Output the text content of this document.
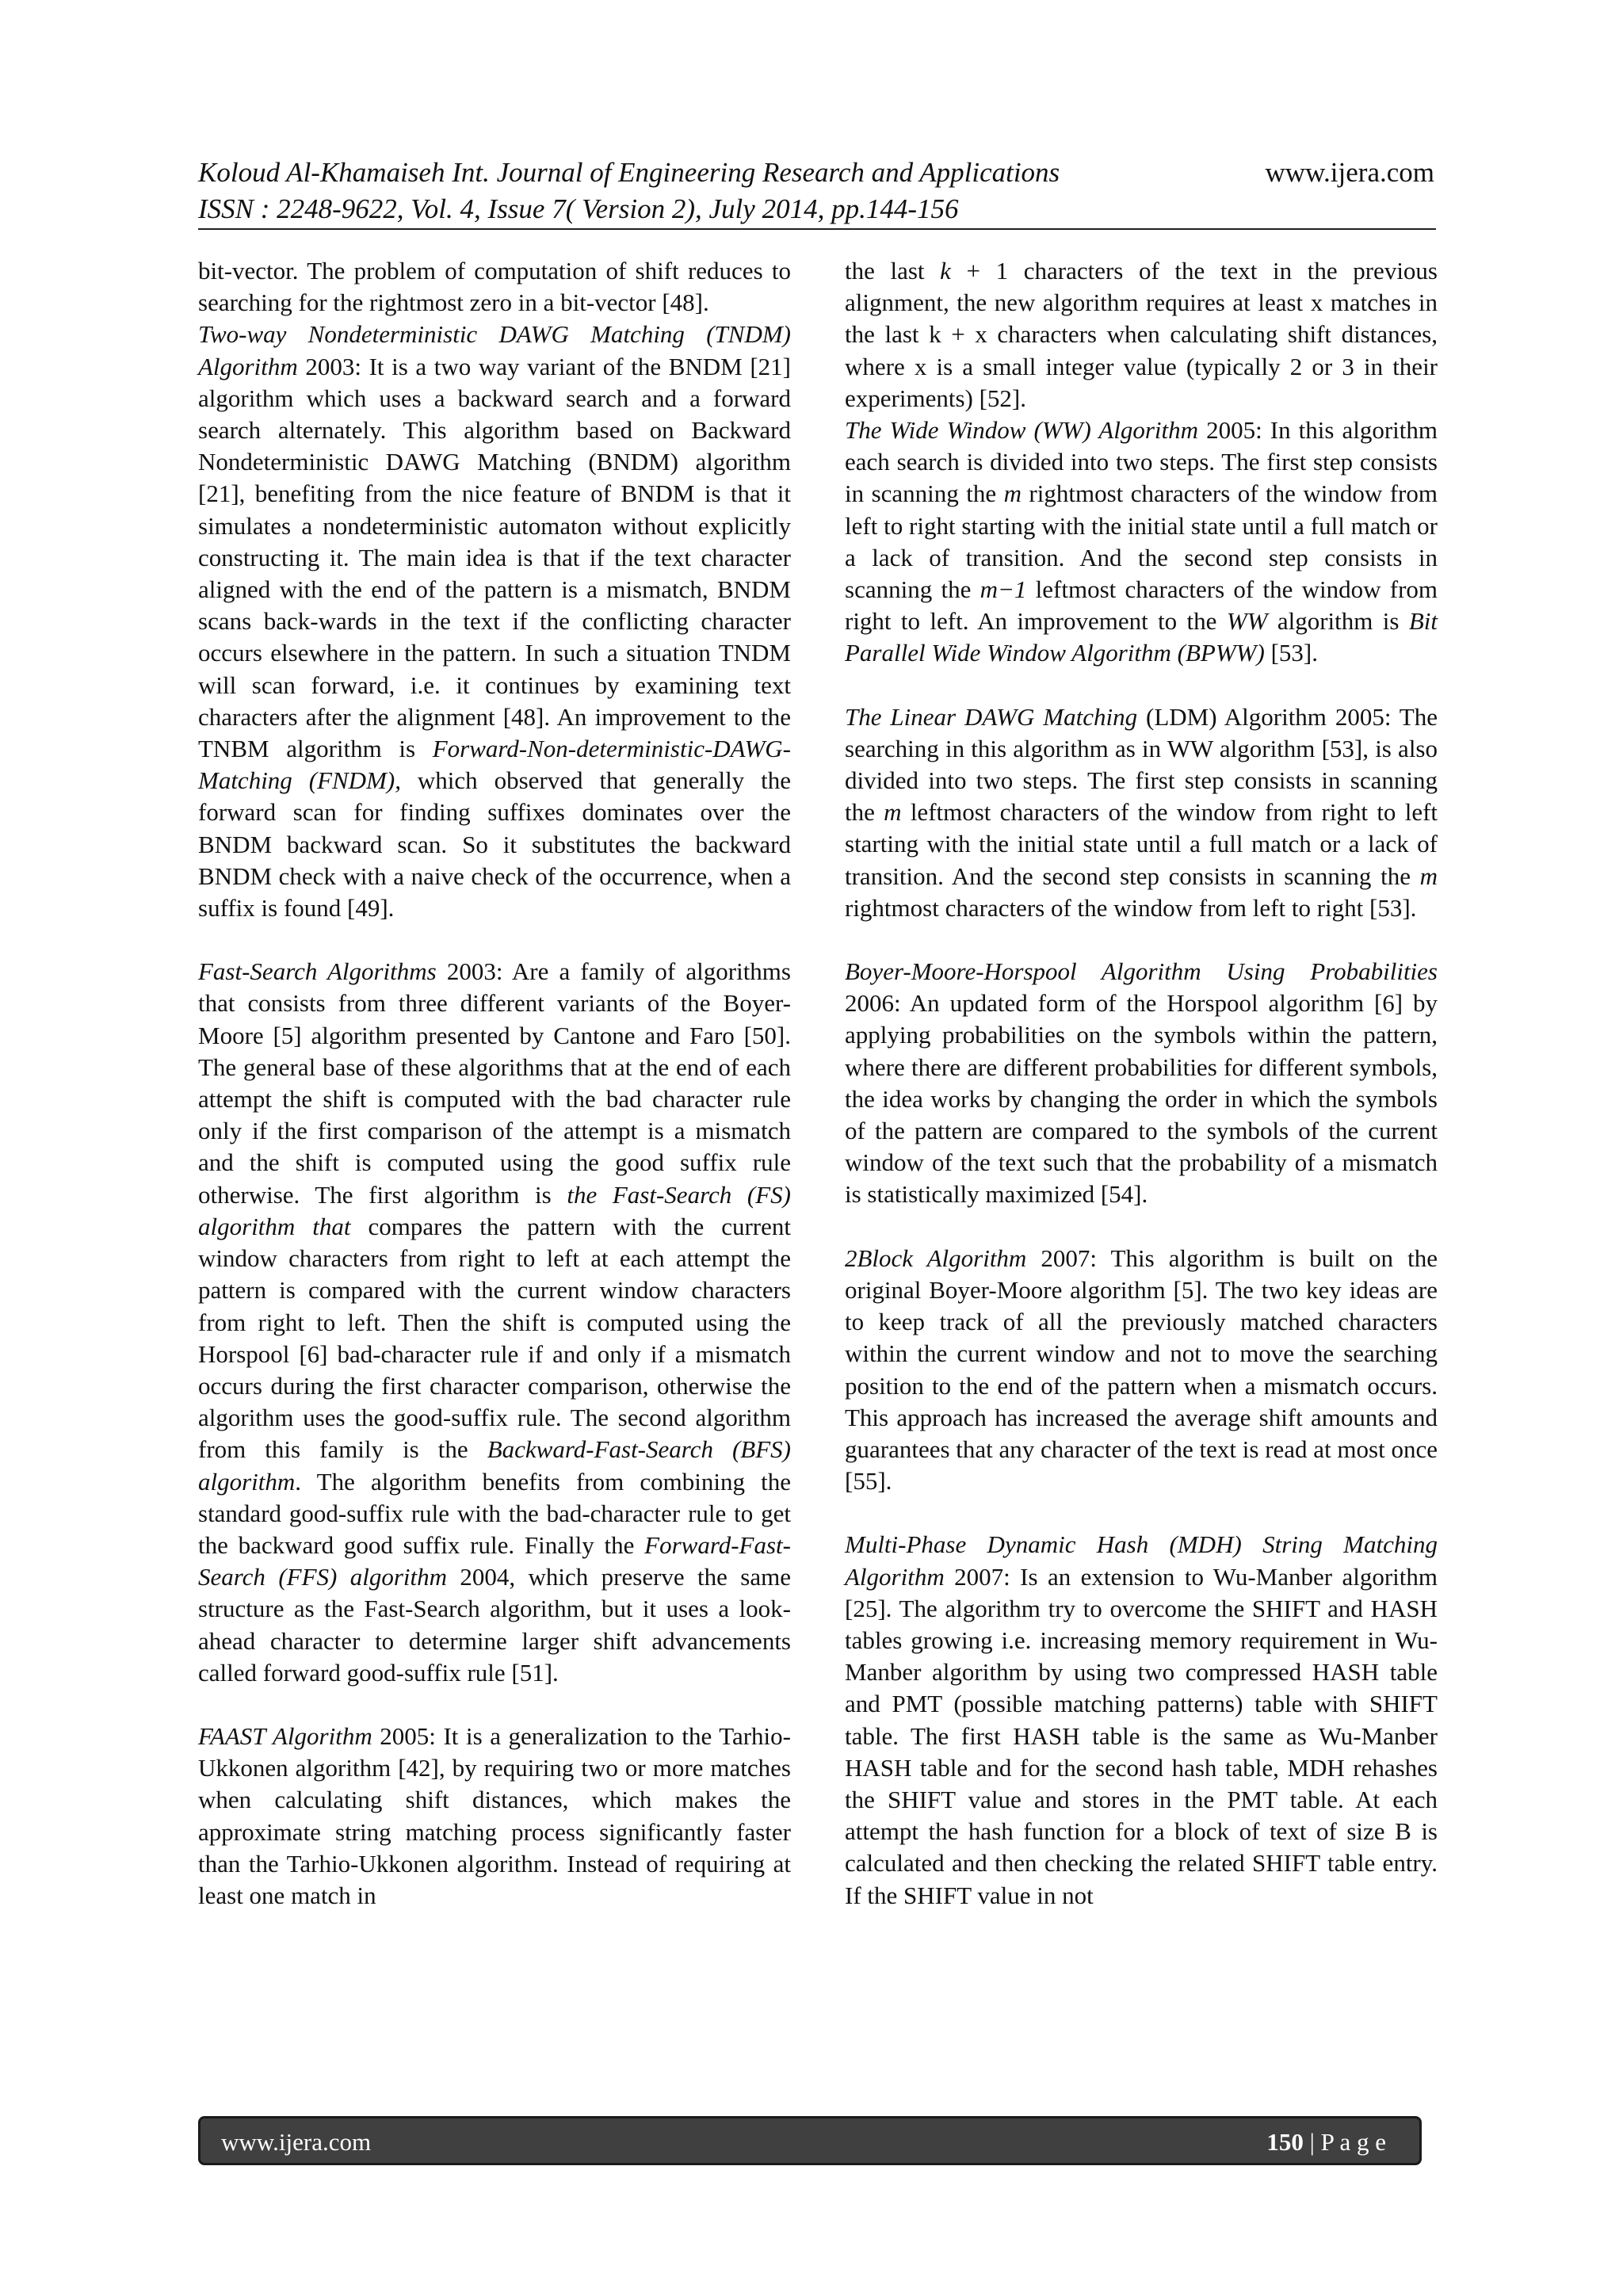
Koloud Al-Khamaiseh Int. Journal of Engineering Research and Applications	www.ijera.com
ISSN : 2248-9622, Vol. 4, Issue 7( Version 2), July 2014, pp.144-156

bit-vector. The problem of computation of shift reduces to searching for the rightmost zero in a bit-vector [48].

Two-way Nondeterministic DAWG Matching (TNDM) Algorithm 2003: It is a two way variant of the BNDM [21] algorithm which uses a backward search and a forward search alternately. This algorithm based on Backward Nondeterministic DAWG Matching (BNDM) algorithm [21], benefiting from the nice feature of BNDM is that it simulates a nondeterministic automaton without explicitly constructing it. The main idea is that if the text character aligned with the end of the pattern is a mismatch, BNDM scans back-wards in the text if the conflicting character occurs elsewhere in the pattern. In such a situation TNDM will scan forward, i.e. it continues by examining text characters after the alignment [48]. An improvement to the TNBM algorithm is Forward-Non-deterministic-DAWG-Matching (FNDM), which observed that generally the forward scan for finding suffixes dominates over the BNDM backward scan. So it substitutes the backward BNDM check with a naive check of the occurrence, when a suffix is found [49].

Fast-Search Algorithms 2003: Are a family of algorithms that consists from three different variants of the Boyer-Moore [5] algorithm presented by Cantone and Faro [50]. The general base of these algorithms that at the end of each attempt the shift is computed with the bad character rule only if the first comparison of the attempt is a mismatch and the shift is computed using the good suffix rule otherwise. The first algorithm is the Fast-Search (FS) algorithm that compares the pattern with the current window characters from right to left at each attempt the pattern is compared with the current window characters from right to left. Then the shift is computed using the Horspool [6] bad-character rule if and only if a mismatch occurs during the first character comparison, otherwise the algorithm uses the good-suffix rule. The second algorithm from this family is the Backward-Fast-Search (BFS) algorithm. The algorithm benefits from combining the standard good-suffix rule with the bad-character rule to get the backward good suffix rule. Finally the Forward-Fast-Search (FFS) algorithm 2004, which preserve the same structure as the Fast-Search algorithm, but it uses a look-ahead character to determine larger shift advancements called forward good-suffix rule [51].

FAAST Algorithm 2005: It is a generalization to the Tarhio-Ukkonen algorithm [42], by requiring two or more matches when calculating shift distances, which makes the approximate string matching process significantly faster than the Tarhio-Ukkonen algorithm. Instead of requiring at least one match in

the last k + 1 characters of the text in the previous alignment, the new algorithm requires at least x matches in the last k + x characters when calculating shift distances, where x is a small integer value (typically 2 or 3 in their experiments) [52].

The Wide Window (WW) Algorithm 2005: In this algorithm each search is divided into two steps. The first step consists in scanning the m rightmost characters of the window from left to right starting with the initial state until a full match or a lack of transition. And the second step consists in scanning the m−1 leftmost characters of the window from right to left. An improvement to the WW algorithm is Bit Parallel Wide Window Algorithm (BPWW) [53].

The Linear DAWG Matching (LDM) Algorithm 2005: The searching in this algorithm as in WW algorithm [53], is also divided into two steps. The first step consists in scanning the m leftmost characters of the window from right to left starting with the initial state until a full match or a lack of transition. And the second step consists in scanning the m rightmost characters of the window from left to right [53].

Boyer-Moore-Horspool Algorithm Using Probabilities 2006: An updated form of the Horspool algorithm [6] by applying probabilities on the symbols within the pattern, where there are different probabilities for different symbols, the idea works by changing the order in which the symbols of the pattern are compared to the symbols of the current window of the text such that the probability of a mismatch is statistically maximized [54].

2Block Algorithm 2007: This algorithm is built on the original Boyer-Moore algorithm [5]. The two key ideas are to keep track of all the previously matched characters within the current window and not to move the searching position to the end of the pattern when a mismatch occurs. This approach has increased the average shift amounts and guarantees that any character of the text is read at most once [55].

Multi-Phase Dynamic Hash (MDH) String Matching Algorithm 2007: Is an extension to Wu-Manber algorithm [25]. The algorithm try to overcome the SHIFT and HASH tables growing i.e. increasing memory requirement in Wu-Manber algorithm by using two compressed HASH table and PMT (possible matching patterns) table with SHIFT table. The first HASH table is the same as Wu-Manber HASH table and for the second hash table, MDH rehashes the SHIFT value and stores in the PMT table. At each attempt the hash function for a block of text of size B is calculated and then checking the related SHIFT table entry. If the SHIFT value in not

www.ijera.com	150 | P a g e
